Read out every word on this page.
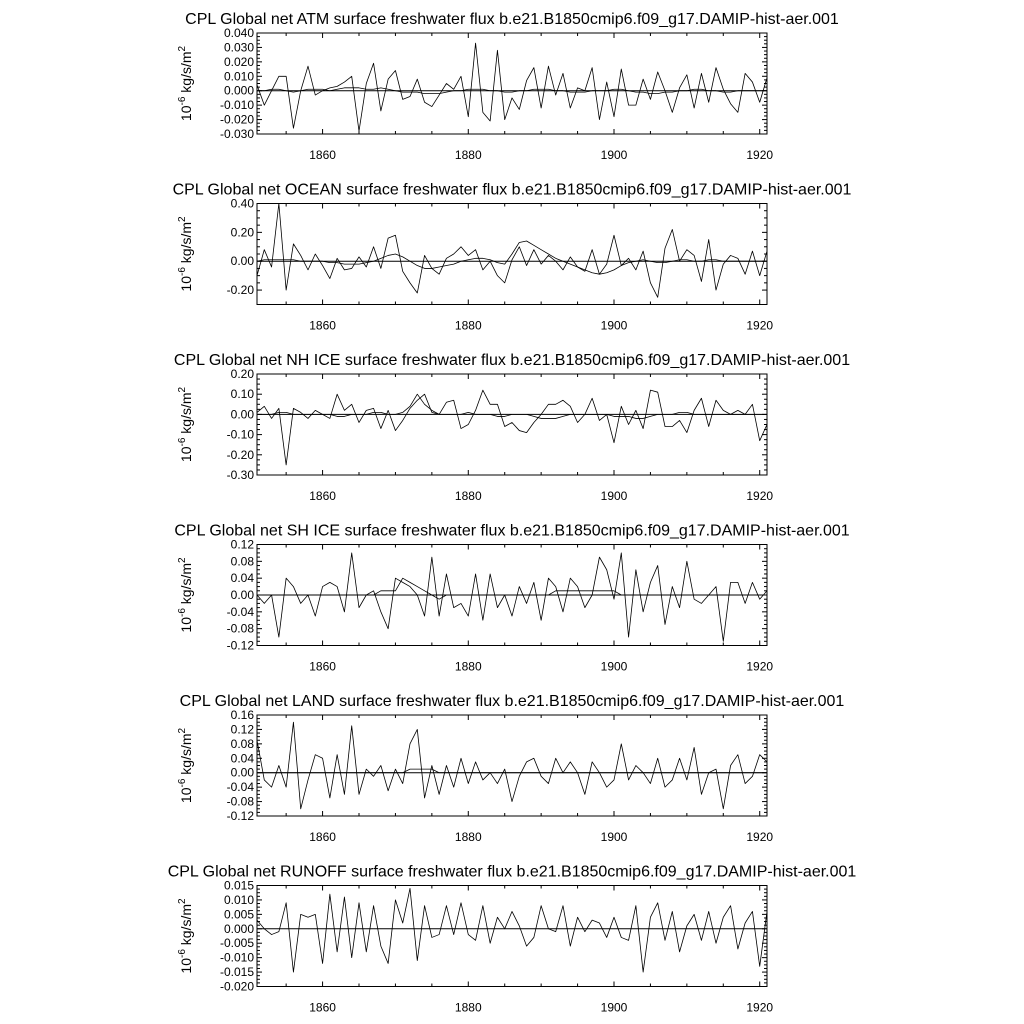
CPL Global net ATM surface freshwater flux b.e21.B1850cmip6.f09_g17.DAMIP-hist-aer.001
1860	1880	1900	1920
-0.030
-0.020
-0.010
0.000
0.010
0.020
0.030
0.040
$10^{-6}$ $kg/s/m^2$
CPL Global net OCEAN surface freshwater flux b.e21.B1850cmip6.f09_g17.DAMIP-hist-aer.001
1860	1880	1900	1920
-0.20
0.00
0.20
0.40
$10^{-6}$ $kg/s/m^2$
CPL Global net NH ICE surface freshwater flux b.e21.B1850cmip6.f09_g17.DAMIP-hist-aer.001
1860	1880	1900	1920
-0.30
-0.20
-0.10
0.00
0.10
0.20
$10^{-6}$ $kg/s/m^2$
CPL Global net SH ICE surface freshwater flux b.e21.B1850cmip6.f09_g17.DAMIP-hist-aer.001
1860	1880	1900	1920
-0.12
-0.08
-0.04
0.00
0.04
0.08
0.12
$10^{-6}$ $kg/s/m^2$
CPL Global net LAND surface freshwater flux b.e21.B1850cmip6.f09_g17.DAMIP-hist-aer.001
1860	1880	1900	1920
-0.12
-0.08
-0.04
0.00
0.04
0.08
0.12
0.16
$10^{-6}$ $kg/s/m^2$
CPL Global net RUNOFF surface freshwater flux b.e21.B1850cmip6.f09_g17.DAMIP-hist-aer.001
1860	1880	1900	1920
-0.020
-0.015
-0.010
-0.005
0.000
0.005
0.010
0.015
$10^{-6}$ $kg/s/m^2$
